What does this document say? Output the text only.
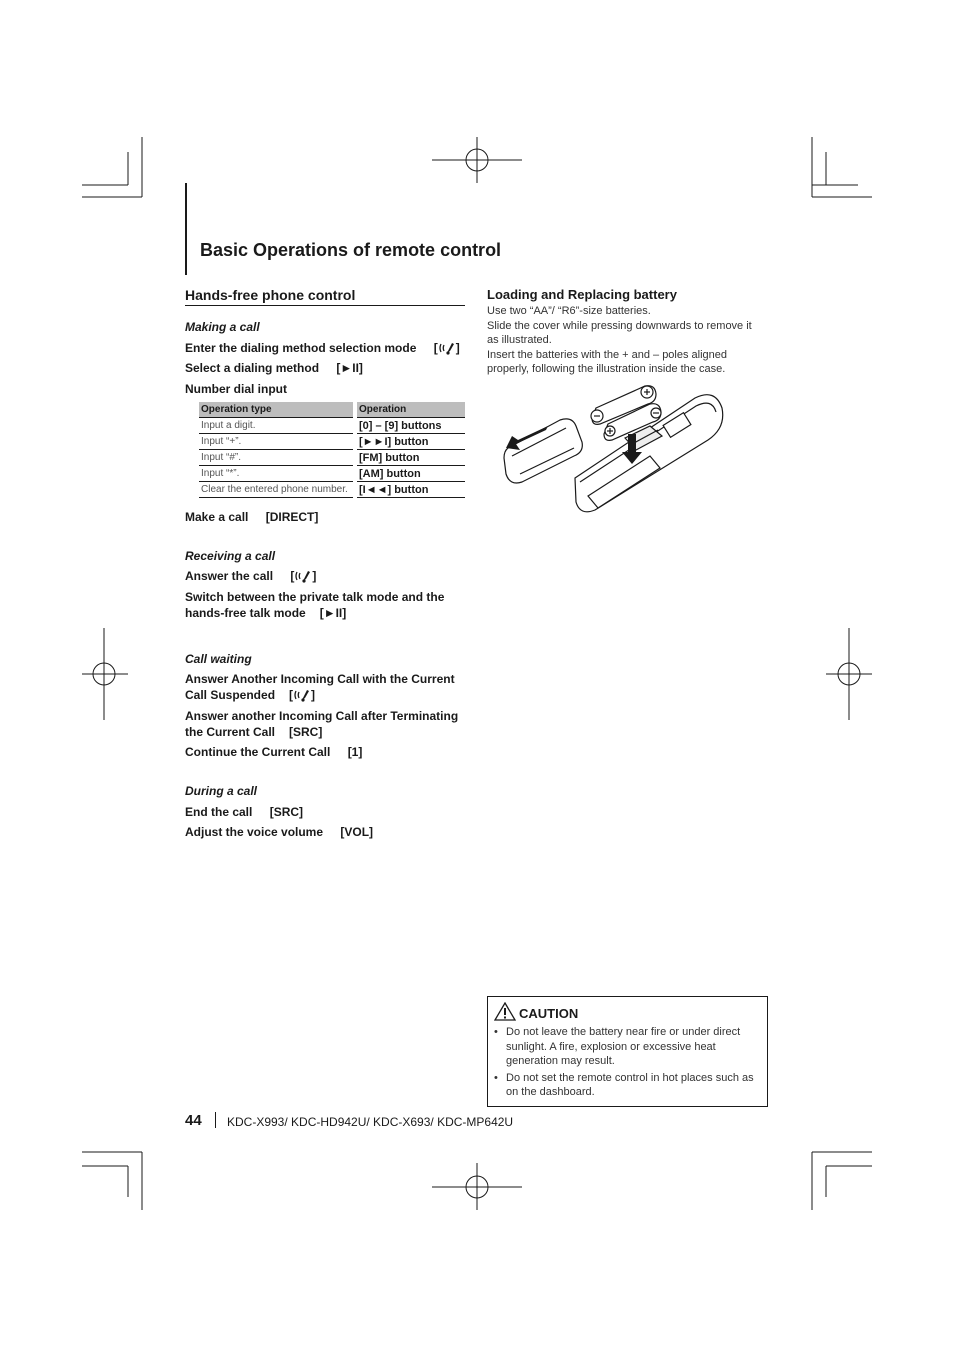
Basic Operations of remote control
Hands-free phone control
Making a call
Enter the dialing method selection mode [ ]
Select a dialing method [►II]
Number dial input
Operation type	Operation
Input a digit.	[0] – [9] buttons
Input “+”.	[►►I] button
Input “#”.	[FM] button
Input “*”.	[AM] button
Clear the entered phone number.	[I◄◄] button
Make a call [DIRECT]
Receiving a call
Answer the call [ ]
Switch between the private talk mode and the
hands-free talk mode [►II]
Call waiting
Answer Another Incoming Call with the Current
Call Suspended [ ]
Answer another Incoming Call after Terminating
the Current Call [SRC]
Continue the Current Call [1]
During a call
End the call [SRC]
Adjust the voice volume [VOL]
Loading and Replacing battery
Use two “AA”/ “R6”-size batteries.
Slide the cover while pressing downwards to remove it as illustrated.
Insert the batteries with the + and – poles aligned properly, following the illustration inside the case.
CAUTION
• Do not leave the battery near fire or under direct sunlight. A fire, explosion or excessive heat generation may result.
• Do not set the remote control in hot places such as on the dashboard.
44 KDC-X993/ KDC-HD942U/ KDC-X693/ KDC-MP642U
